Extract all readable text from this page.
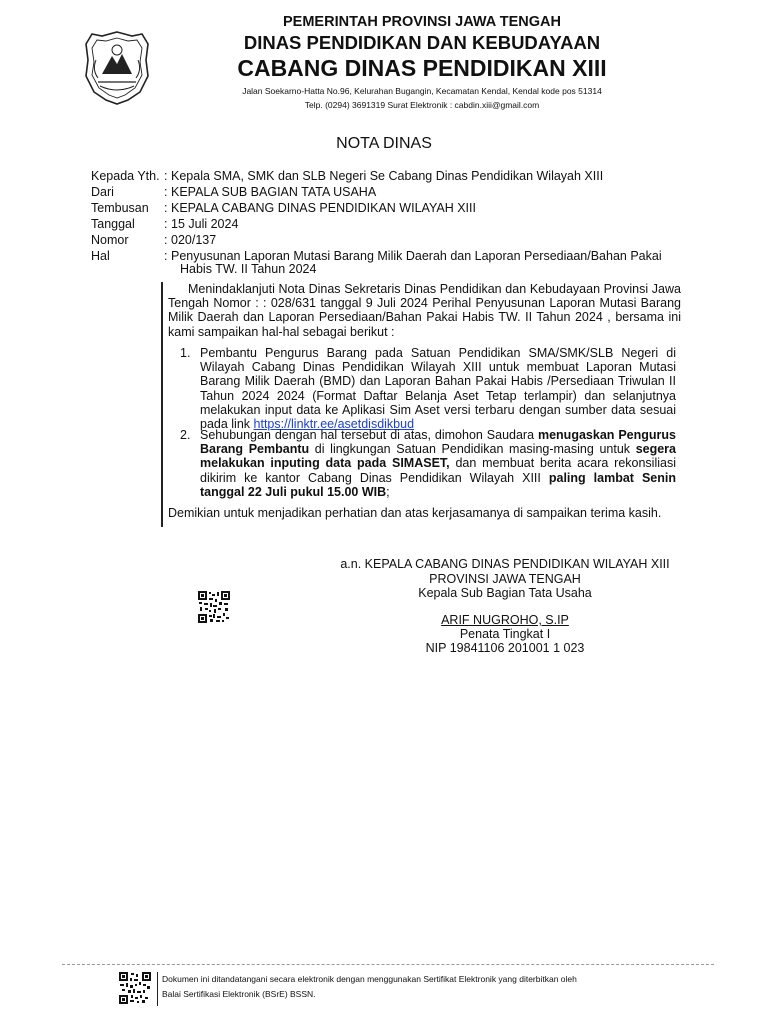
PEMERINTAH PROVINSI JAWA TENGAH
DINAS PENDIDIKAN DAN KEBUDAYAAN
CABANG DINAS PENDIDIKAN XIII
Jalan Soekarno-Hatta No.96, Kelurahan Bugangin, Kecamatan Kendal, Kendal kode pos 51314
Telp. (0294) 3691319 Surat Elektronik : cabdin.xiii@gmail.com
NOTA DINAS
Kepada Yth. : Kepala SMA, SMK dan SLB Negeri Se Cabang Dinas Pendidikan Wilayah XIII
Dari	: KEPALA SUB BAGIAN TATA USAHA
Tembusan : KEPALA CABANG DINAS PENDIDIKAN WILAYAH XIII
Tanggal : 15 Juli 2024
Nomor	: 020/137
Hal	: Penyusunan Laporan Mutasi Barang Milik Daerah dan Laporan Persediaan/Bahan Pakai
Habis TW. II Tahun 2024
Menindaklanjuti Nota Dinas Sekretaris Dinas Pendidikan dan Kebudayaan Provinsi Jawa Tengah Nomor : : 028/631 tanggal 9 Juli 2024 Perihal Penyusunan Laporan Mutasi Barang Milik Daerah dan Laporan Persediaan/Bahan Pakai Habis TW. II Tahun 2024 , bersama ini kami sampaikan hal-hal sebagai berikut :
1. Pembantu Pengurus Barang pada Satuan Pendidikan SMA/SMK/SLB Negeri di Wilayah Cabang Dinas Pendidikan Wilayah XIII untuk membuat Laporan Mutasi Barang Milik Daerah (BMD) dan Laporan Bahan Pakai Habis /Persediaan Triwulan II Tahun 2024 2024 (Format Daftar Belanja Aset Tetap terlampir) dan selanjutnya melakukan input data ke Aplikasi Sim Aset versi terbaru dengan sumber data sesuai pada link https://linktr.ee/asetdisdikbud
2. Sehubungan dengan hal tersebut di atas, dimohon Saudara menugaskan Pengurus Barang Pembantu di lingkungan Satuan Pendidikan masing-masing untuk segera melakukan inputing data pada SIMASET, dan membuat berita acara rekonsiliasi dikirim ke kantor Cabang Dinas Pendidikan Wilayah XIII paling lambat Senin tanggal 22 Juli pukul 15.00 WIB;
Demikian untuk menjadikan perhatian dan atas kerjasamanya di sampaikan terima kasih.
a.n. KEPALA CABANG DINAS PENDIDIKAN WILAYAH XIII
PROVINSI JAWA TENGAH
Kepala Sub Bagian Tata Usaha
ARIF NUGROHO, S.IP
Penata Tingkat I
NIP 19841106 201001 1 023
Dokumen ini ditandatangani secara elektronik dengan menggunakan Sertifikat Elektronik yang diterbitkan oleh
Balai Sertifikasi Elektronik (BSrE) BSSN.
